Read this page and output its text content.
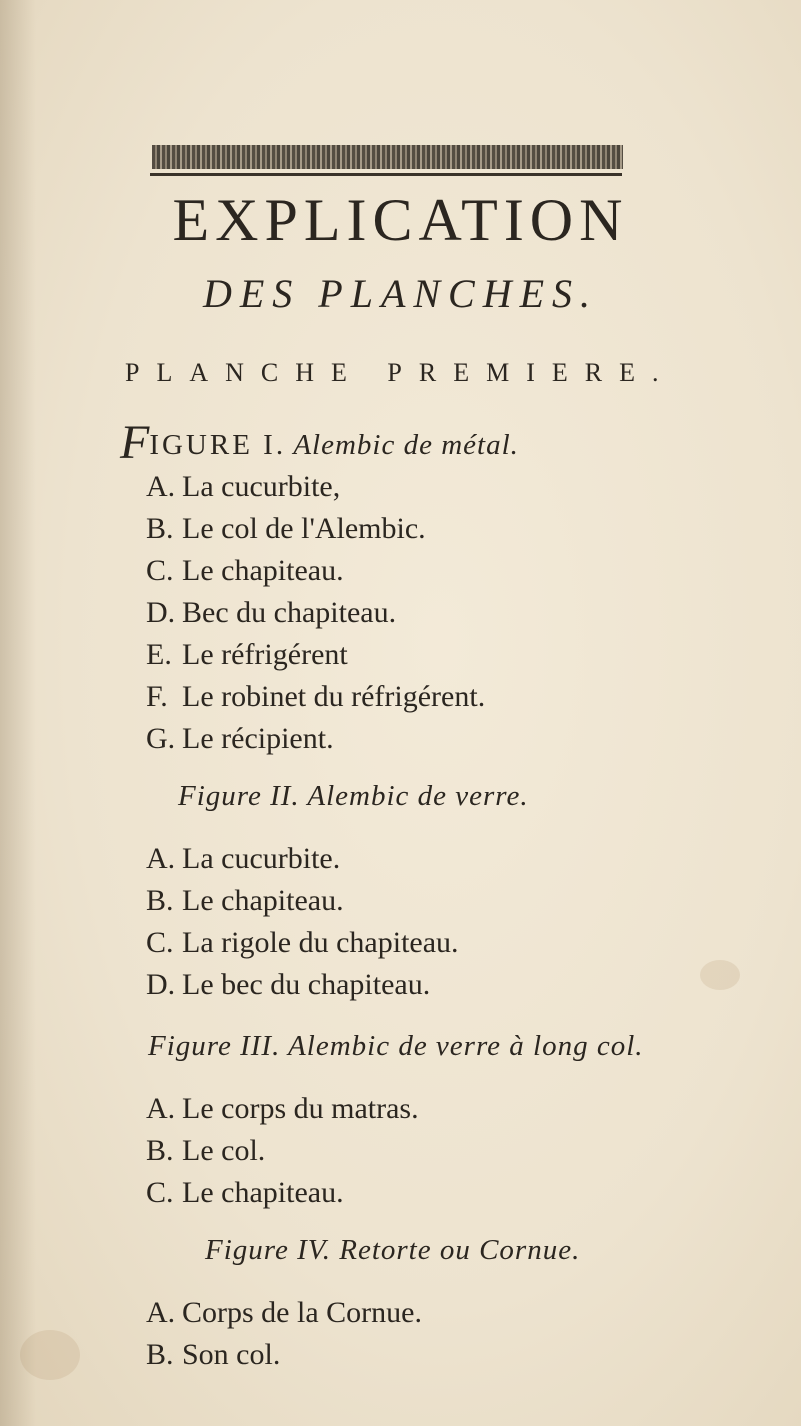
EXPLICATION
DES PLANCHES.
PLANCHE PREMIERE.

FIGURE I. Alembic de métal.

A. La cucurbite,

B. Le col de l'Alembic.

C. Le chapiteau.

D. Bec du chapiteau.

E. Le réfrigérent

F. Le robinet du réfrigérent.

G. Le récipient.

Figure II. Alembic de verre.

A. La cucurbite.

B. Le chapiteau.

C. La rigole du chapiteau.

D. Le bec du chapiteau.

Figure III. Alembic de verre à long col.

A. Le corps du matras.

B. Le col.

C. Le chapiteau.

Figure IV. Retorte ou Cornue.

A. Corps de la Cornue.

B. Son col.
